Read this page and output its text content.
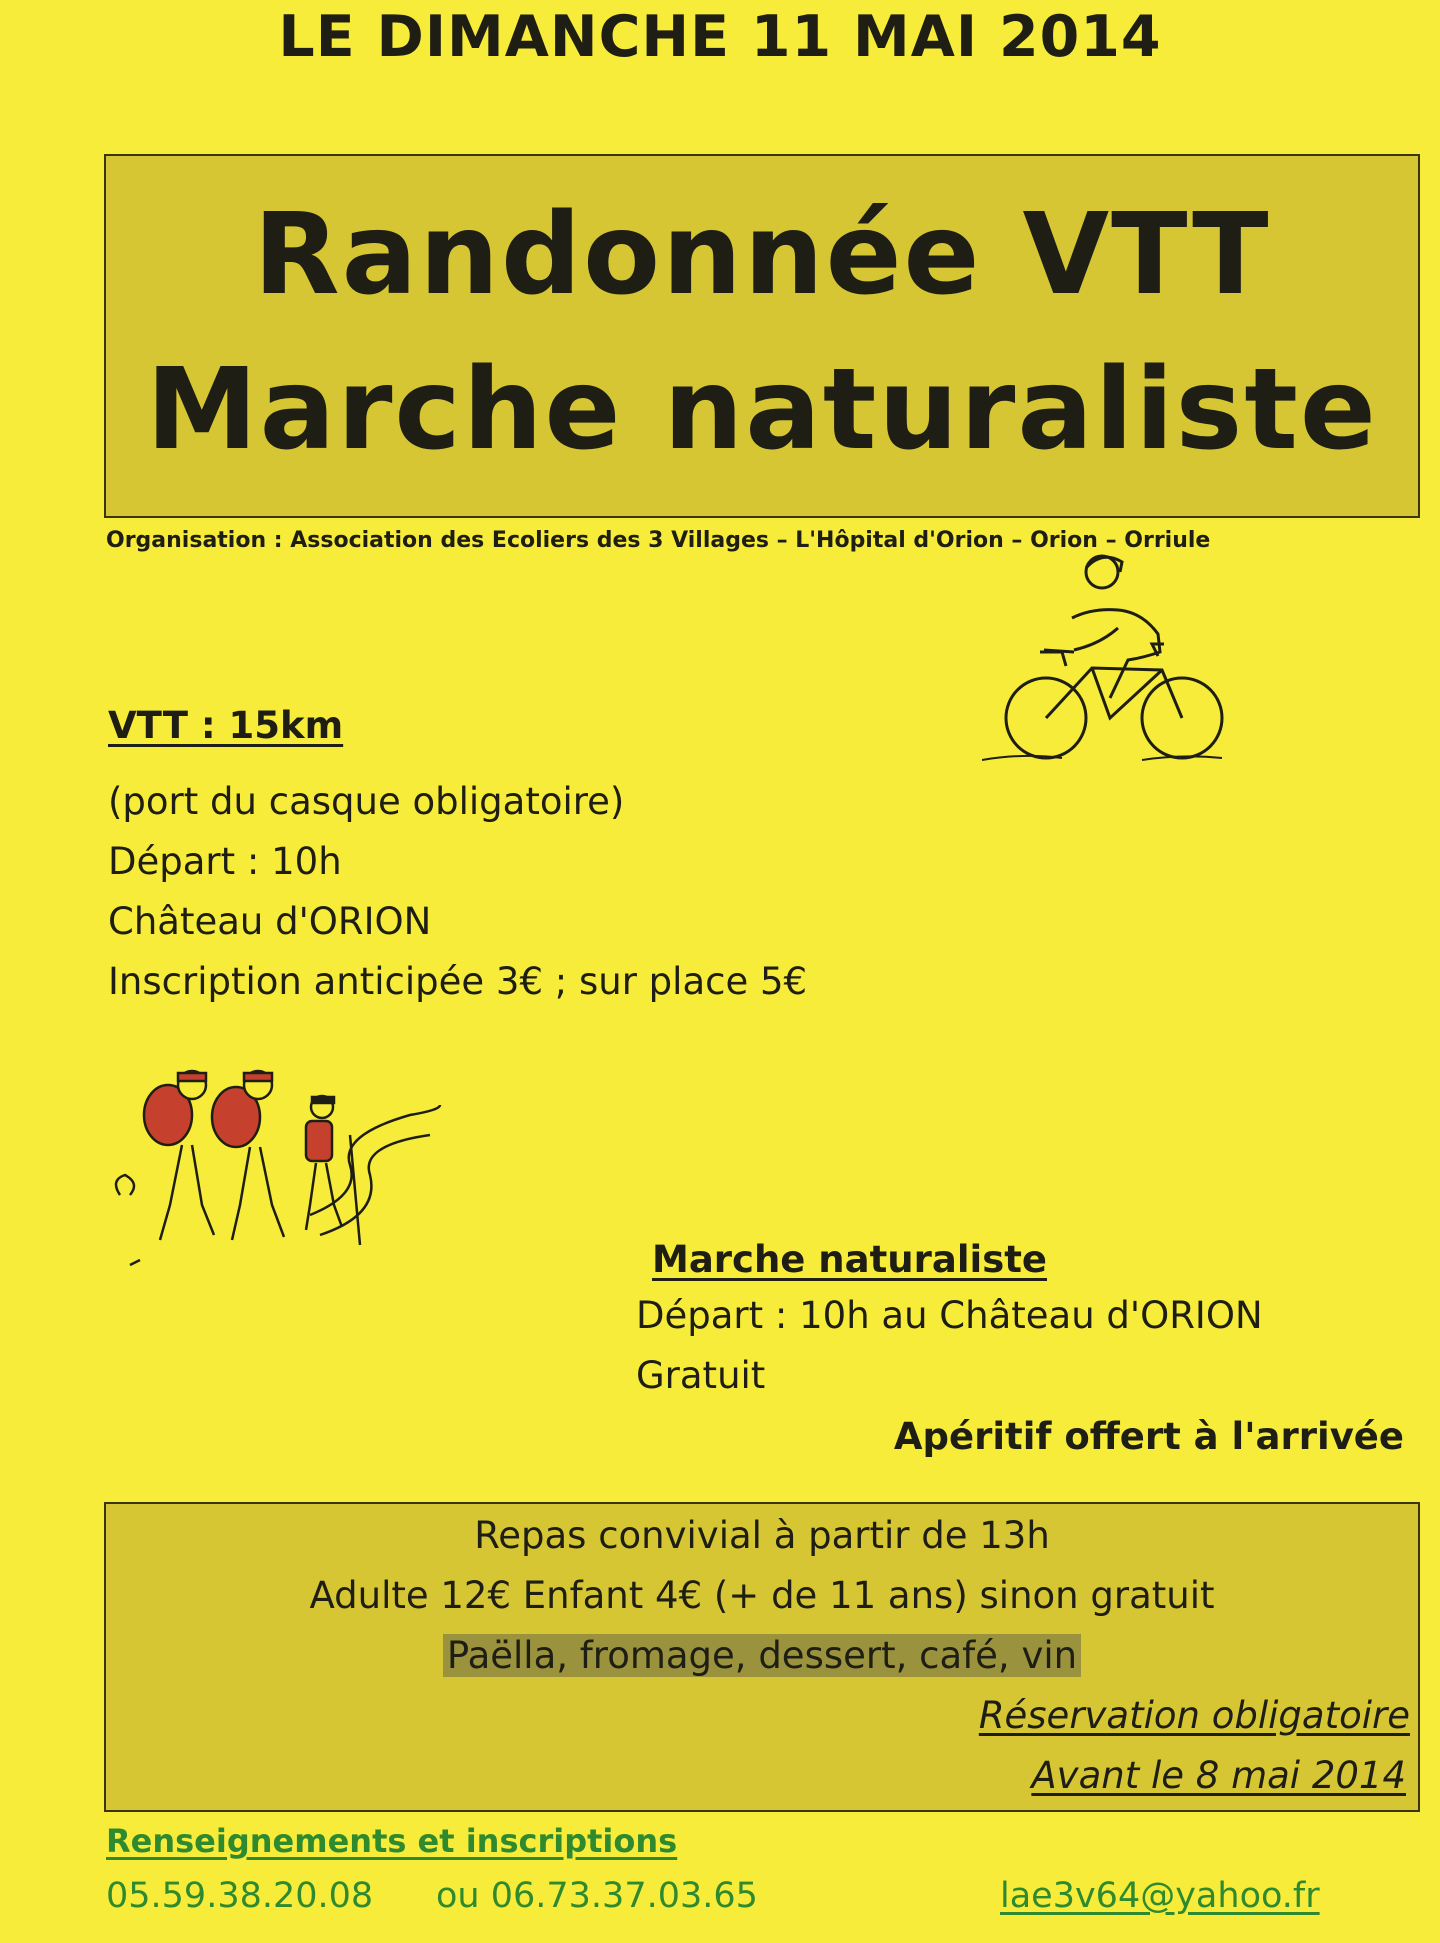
LE DIMANCHE 11 MAI 2014
Randonnée VTT
Marche naturaliste
Organisation : Association des Ecoliers des 3 Villages – L'Hôpital d'Orion – Orion – Orriule
VTT : 15km
(port du casque obligatoire)
Départ : 10h
Château d'ORION
Inscription anticipée 3€ ; sur place 5€
Marche naturaliste
Départ : 10h au Château d'ORION
Gratuit
Apéritif offert à l'arrivée
Repas convivial à partir de 13h
Adulte 12€ Enfant 4€ (+ de 11 ans) sinon gratuit
Paëlla, fromage, dessert, café, vin
Réservation obligatoire
Avant le 8 mai 2014
Renseignements et inscriptions
05.59.38.20.08 ou 06.73.37.03.65	lae3v64@yahoo.fr
